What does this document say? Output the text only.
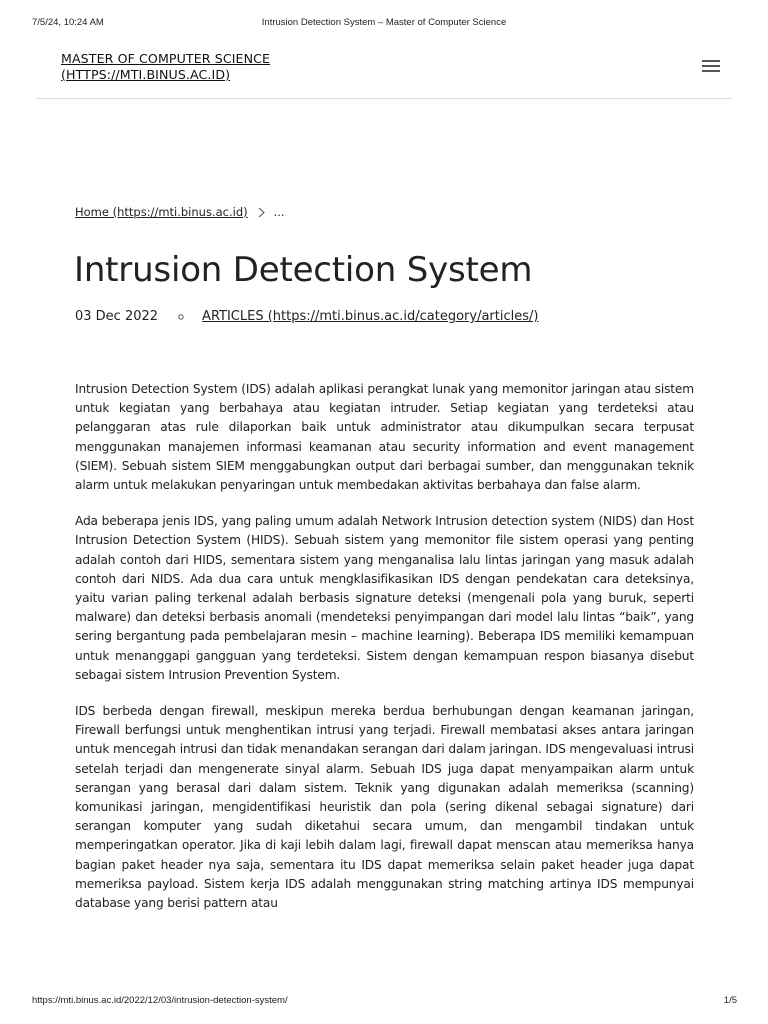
7/5/24, 10:24 AM	Intrusion Detection System – Master of Computer Science
MASTER OF COMPUTER SCIENCE
(HTTPS://MTI.BINUS.AC.ID)
Home (https://mti.binus.ac.id) ...
Intrusion Detection System
03 Dec 2022	ARTICLES (https://mti.binus.ac.id/category/articles/)

Intrusion Detection System (IDS) adalah aplikasi perangkat lunak yang memonitor jaringan atau sistem untuk kegiatan yang berbahaya atau kegiatan intruder. Setiap kegiatan yang terdeteksi atau pelanggaran atas rule dilaporkan baik untuk administrator atau dikumpulkan secara terpusat menggunakan manajemen informasi keamanan atau security information and event management (SIEM). Sebuah sistem SIEM menggabungkan output dari berbagai sumber, dan menggunakan teknik alarm untuk melakukan penyaringan untuk membedakan aktivitas berbahaya dan false alarm.

Ada beberapa jenis IDS, yang paling umum adalah Network Intrusion detection system (NIDS) dan Host Intrusion Detection System (HIDS). Sebuah sistem yang memonitor file sistem operasi yang penting adalah contoh dari HIDS, sementara sistem yang menganalisa lalu lintas jaringan yang masuk adalah contoh dari NIDS. Ada dua cara untuk mengklasifikasikan IDS dengan pendekatan cara deteksinya, yaitu varian paling terkenal adalah berbasis signature deteksi (mengenali pola yang buruk, seperti malware) dan deteksi berbasis anomali (mendeteksi penyimpangan dari model lalu lintas “baik”, yang sering bergantung pada pembelajaran mesin – machine learning). Beberapa IDS memiliki kemampuan untuk menanggapi gangguan yang terdeteksi. Sistem dengan kemampuan respon biasanya disebut sebagai sistem Intrusion Prevention System.

IDS berbeda dengan firewall, meskipun mereka berdua berhubungan dengan keamanan jaringan, Firewall berfungsi untuk menghentikan intrusi yang terjadi. Firewall membatasi akses antara jaringan untuk mencegah intrusi dan tidak menandakan serangan dari dalam jaringan. IDS mengevaluasi intrusi setelah terjadi dan mengenerate sinyal alarm. Sebuah IDS juga dapat menyampaikan alarm untuk serangan yang berasal dari dalam sistem. Teknik yang digunakan adalah memeriksa (scanning) komunikasi jaringan, mengidentifikasi heuristik dan pola (sering dikenal sebagai signature) dari serangan komputer yang sudah diketahui secara umum, dan mengambil tindakan untuk memperingatkan operator. Jika di kaji lebih dalam lagi, firewall dapat menscan atau memeriksa hanya bagian paket header nya saja, sementara itu IDS dapat memeriksa selain paket header juga dapat memeriksa payload. Sistem kerja IDS adalah menggunakan string matching artinya IDS mempunyai database yang berisi pattern atau

https://mti.binus.ac.id/2022/12/03/intrusion-detection-system/	1/5
